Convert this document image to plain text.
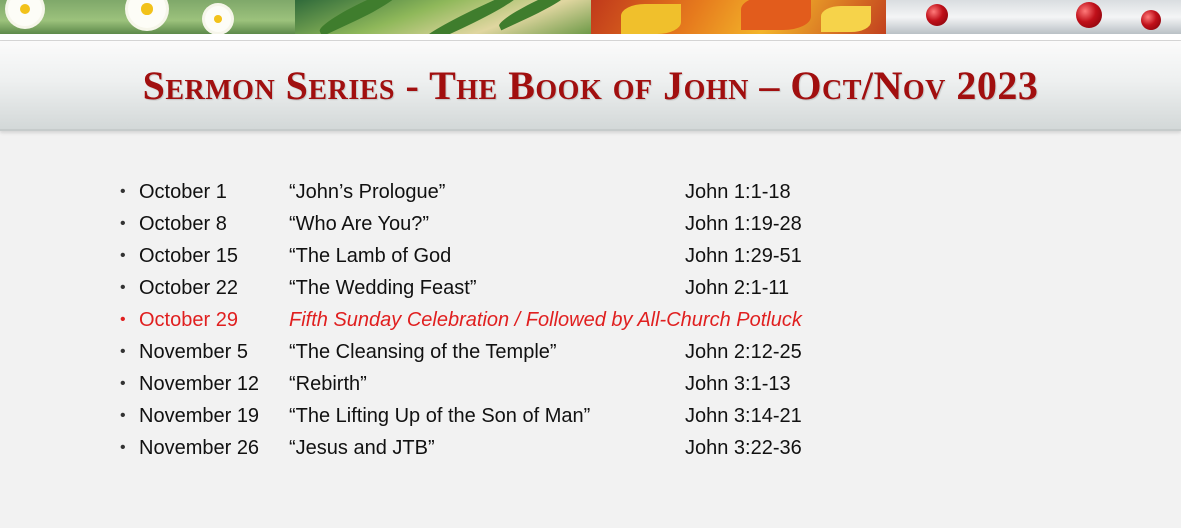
Sermon Series - The Book of John – Oct/Nov 2023
• October 1	“John’s Prologue”	John 1:1-18
• October 8	“Who Are You?”	John 1:19-28
• October 15	“The Lamb of God	John 1:29-51
• October 22	“The Wedding Feast”	John 2:1-11
• October 29	Fifth Sunday Celebration / Followed by All-Church Potluck
• November 5	“The Cleansing of the Temple”	John 2:12-25
• November 12	“Rebirth”	John 3:1-13
• November 19	“The Lifting Up of the Son of Man”	John 3:14-21
• November 26	“Jesus and JTB”	John 3:22-36
